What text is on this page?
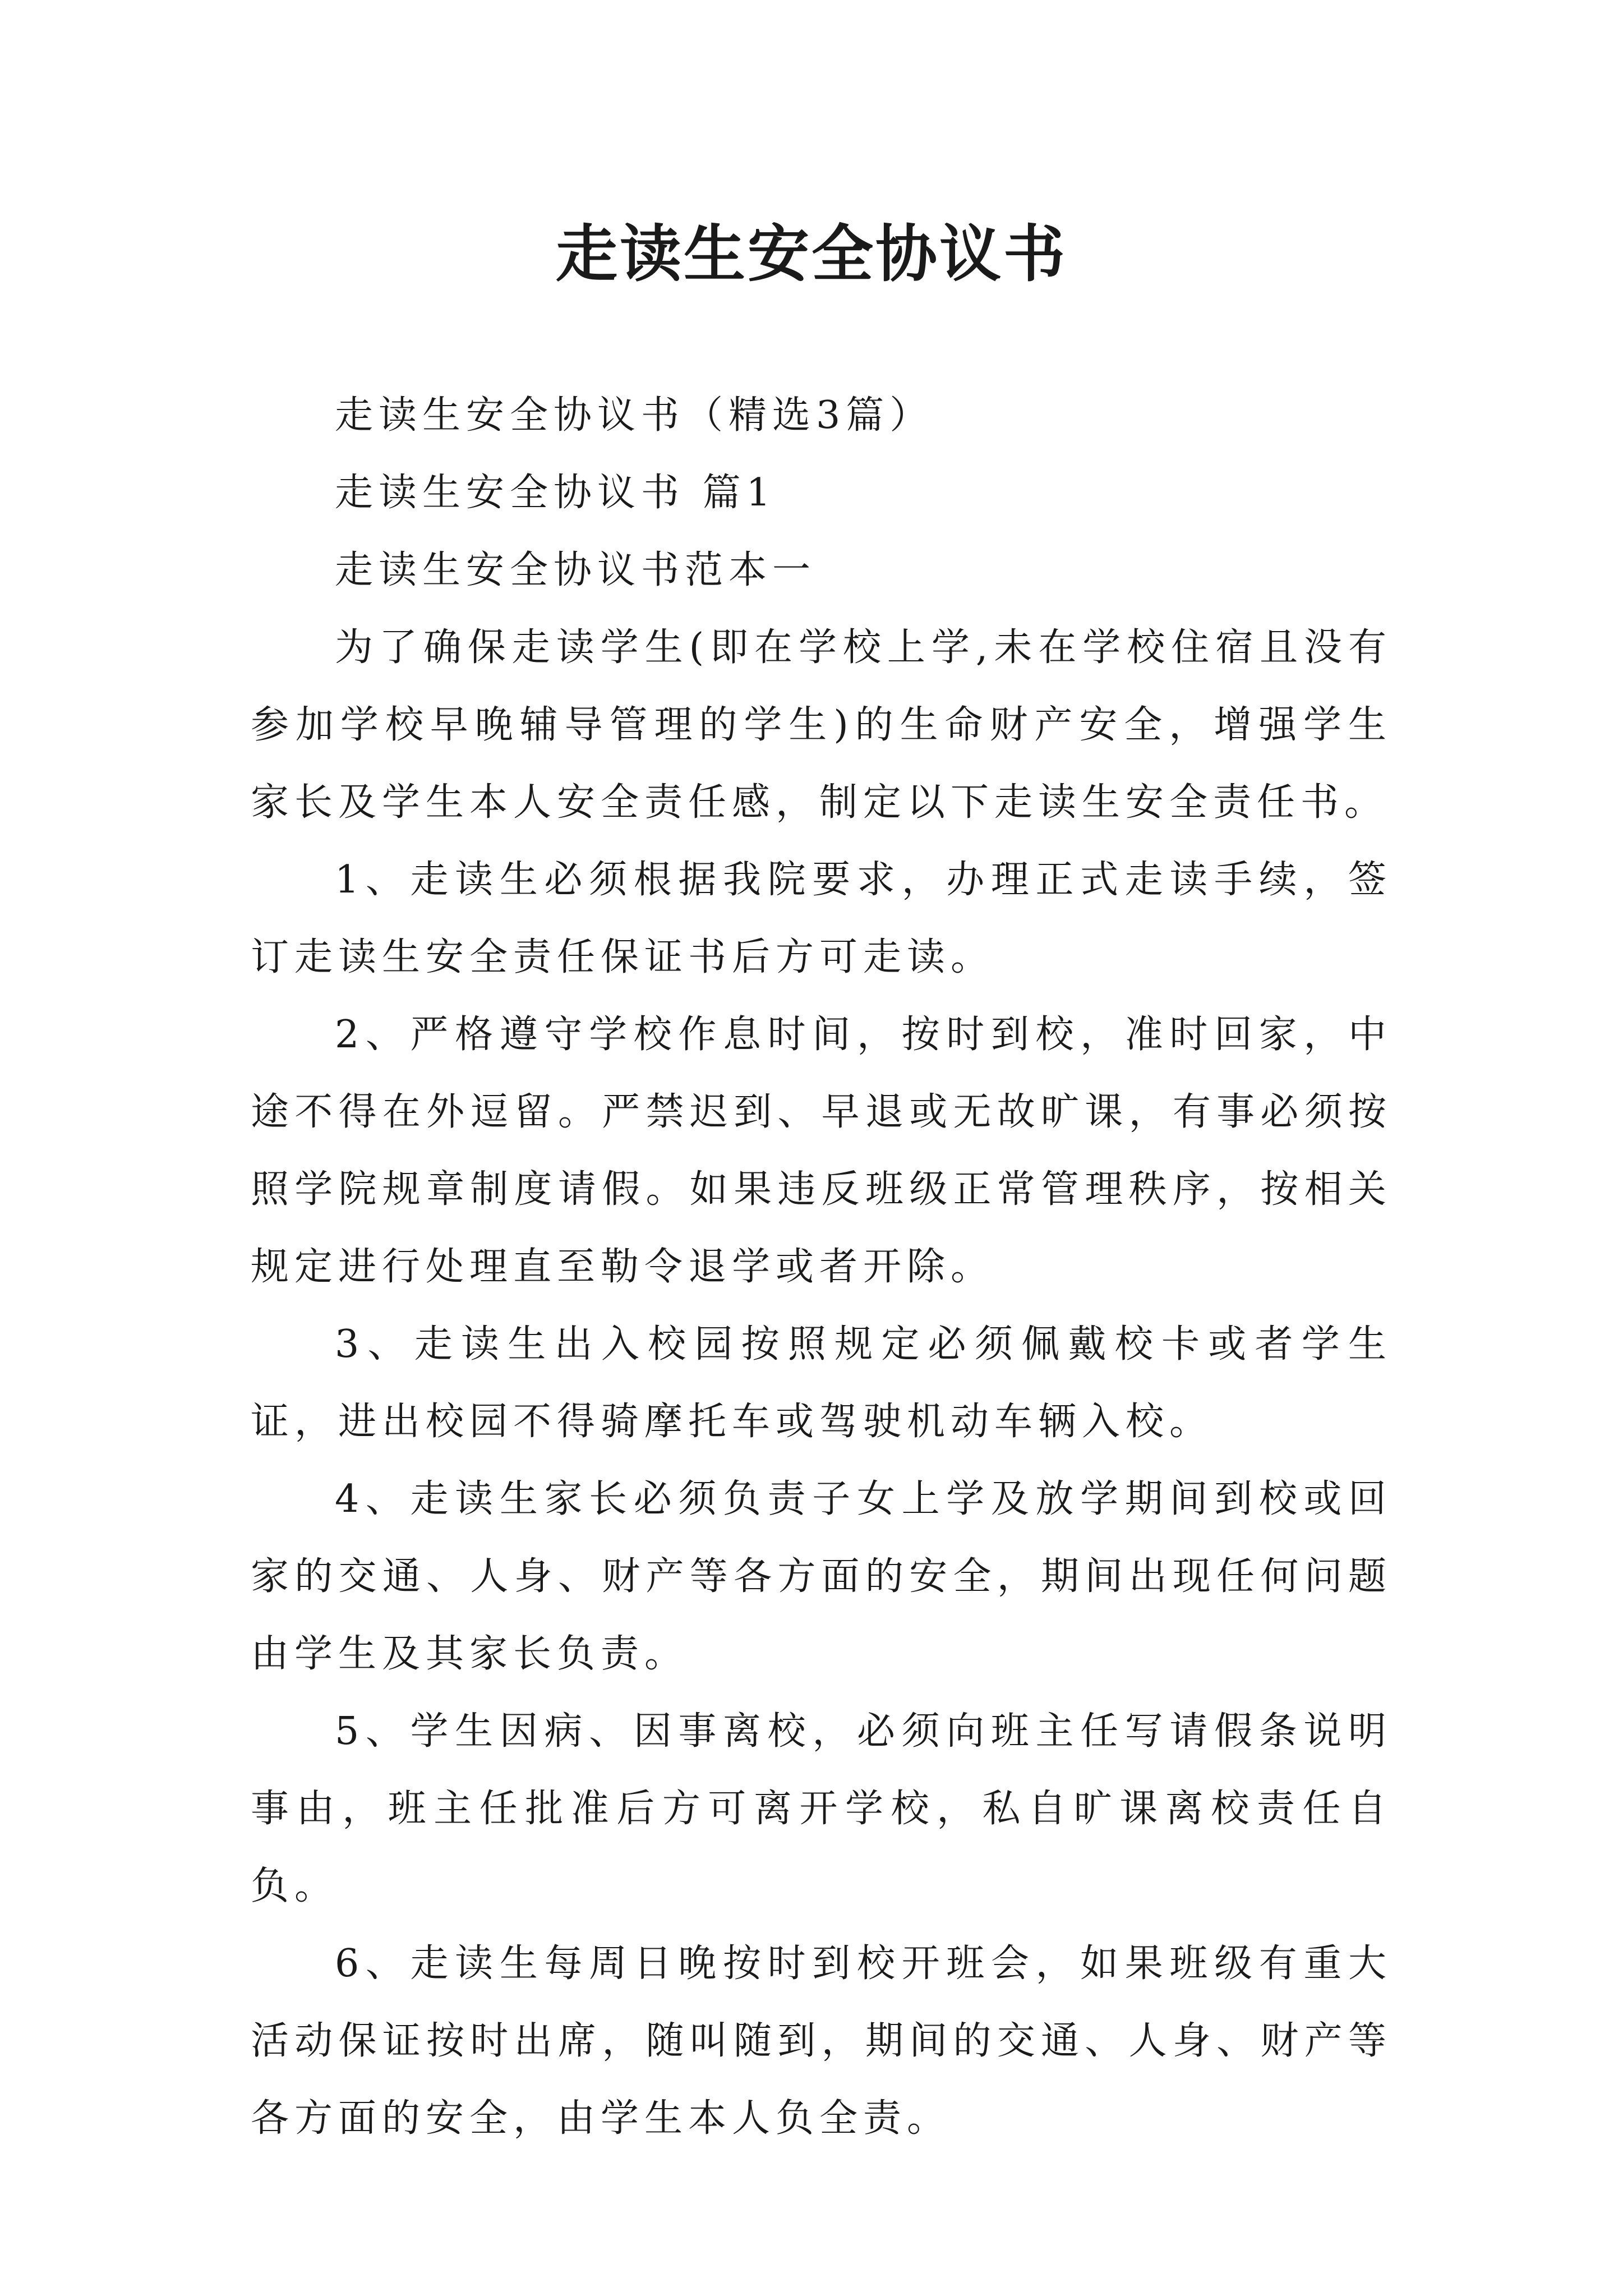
走读生安全协议书

走读生安全协议书（精选3篇）

走读生安全协议书 篇1

走读生安全协议书范本一

为了确保走读学生(即在学校上学,未在学校住宿且没有参加学校早晚辅导管理的学生)的生命财产安全，增强学生家长及学生本人安全责任感，制定以下走读生安全责任书。

1、走读生必须根据我院要求，办理正式走读手续，签订走读生安全责任保证书后方可走读。

2、严格遵守学校作息时间，按时到校，准时回家，中途不得在外逗留。严禁迟到、早退或无故旷课，有事必须按照学院规章制度请假。如果违反班级正常管理秩序，按相关规定进行处理直至勒令退学或者开除。

3、走读生出入校园按照规定必须佩戴校卡或者学生证，进出校园不得骑摩托车或驾驶机动车辆入校。

4、走读生家长必须负责子女上学及放学期间到校或回家的交通、人身、财产等各方面的安全，期间出现任何问题由学生及其家长负责。

5、学生因病、因事离校，必须向班主任写请假条说明事由，班主任批准后方可离开学校，私自旷课离校责任自负。

6、走读生每周日晚按时到校开班会，如果班级有重大活动保证按时出席，随叫随到，期间的交通、人身、财产等各方面的安全，由学生本人负全责。
